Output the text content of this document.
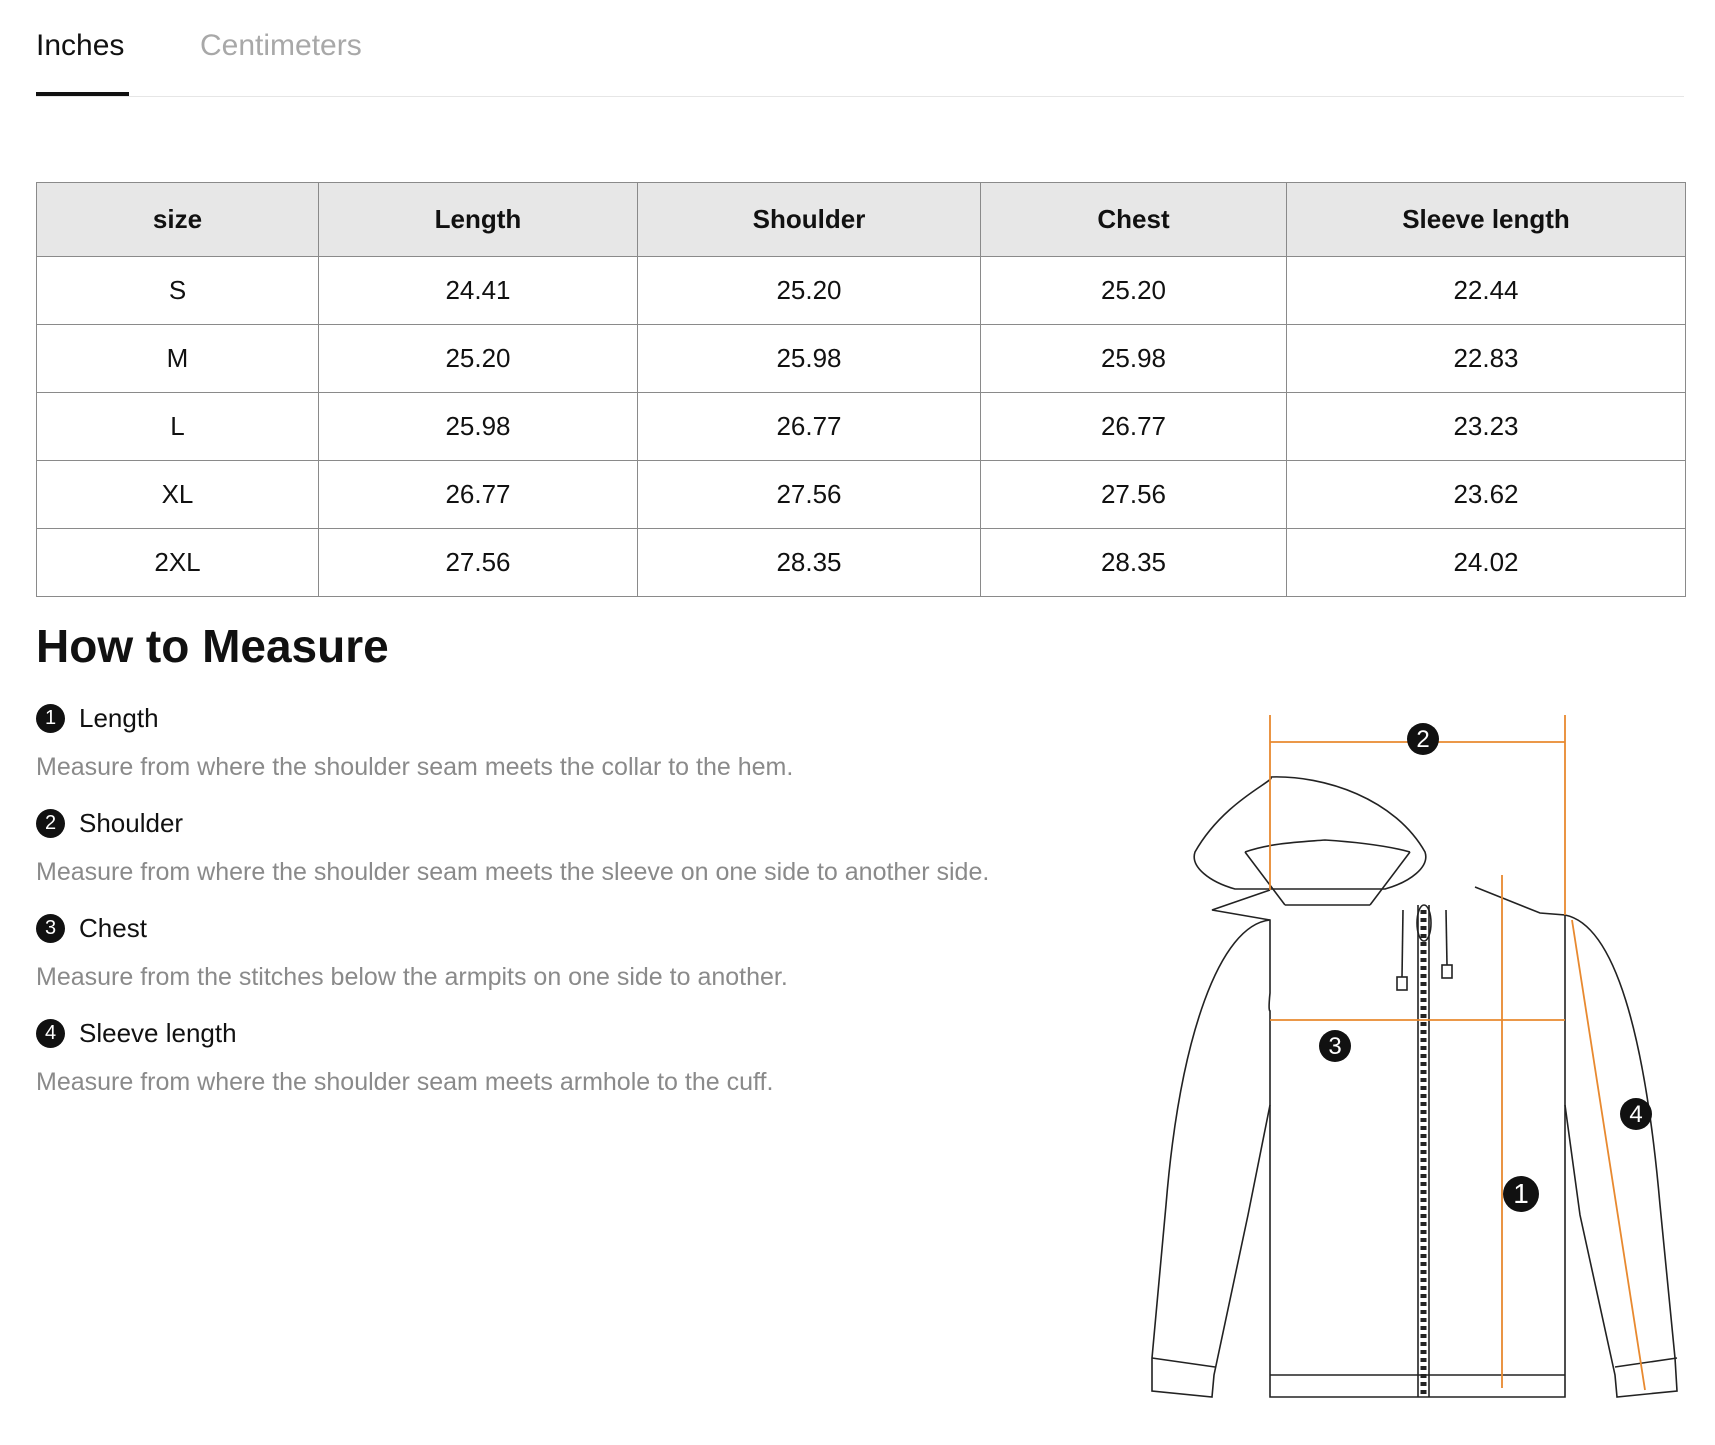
Inches	Centimeters
size	Length	Shoulder	Chest	Sleeve length
S	24.41	25.20	25.20	22.44
M	25.20	25.98	25.98	22.83
L	25.98	26.77	26.77	23.23
XL	26.77	27.56	27.56	23.62
2XL	27.56	28.35	28.35	24.02
How to Measure
1 Length
Measure from where the shoulder seam meets the collar to the hem.
2 Shoulder
Measure from where the shoulder seam meets the sleeve on one side to another side.
3 Chest
Measure from the stitches below the armpits on one side to another.
4 Sleeve length
Measure from where the shoulder seam meets armhole to the cuff.
2
3
1
4
